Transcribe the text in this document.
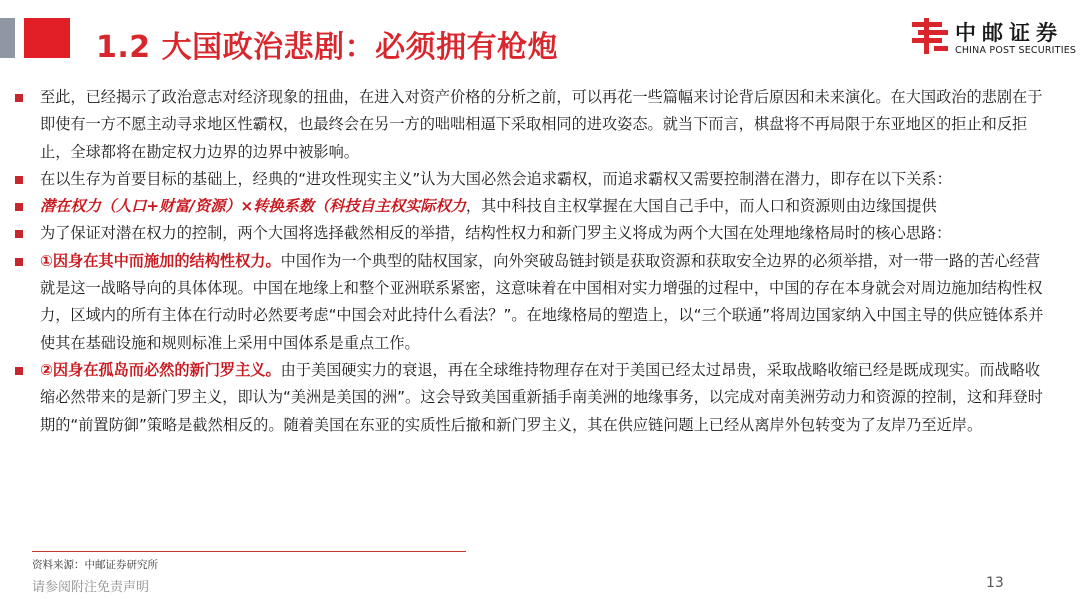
1.2 大国政治悲剧：必须拥有枪炮	中邮证券
CHINA POST SECURITIES
至此，已经揭示了政治意志对经济现象的扭曲，在进入对资产价格的分析之前，可以再花一些篇幅来讨论背后原因和未来演化。在大国政治的悲剧在于即使有一方不愿主动寻求地区性霸权，也最终会在另一方的咄咄相逼下采取相同的进攻姿态。就当下而言，棋盘将不再局限于东亚地区的拒止和反拒止，全球都将在勘定权力边界的边界中被影响。
在以生存为首要目标的基础上，经典的“进攻性现实主义”认为大国必然会追求霸权，而追求霸权又需要控制潜在潜力，即存在以下关系：
潜在权力（人口+财富/资源）×转换系数（科技自主权实际权力，其中科技自主权掌握在大国自己手中，而人口和资源则由边缘国提供
为了保证对潜在权力的控制，两个大国将选择截然相反的举措，结构性权力和新门罗主义将成为两个大国在处理地缘格局时的核心思路：
①因身在其中而施加的结构性权力。中国作为一个典型的陆权国家，向外突破岛链封锁是获取资源和获取安全边界的必须举措，对一带一路的苦心经营就是这一战略导向的具体体现。中国在地缘上和整个亚洲联系紧密，这意味着在中国相对实力增强的过程中，中国的存在本身就会对周边施加结构性权力，区域内的所有主体在行动时必然要考虑“中国会对此持什么看法？”。在地缘格局的塑造上，以“三个联通”将周边国家纳入中国主导的供应链体系并使其在基础设施和规则标准上采用中国体系是重点工作。
②因身在孤岛而必然的新门罗主义。由于美国硬实力的衰退，再在全球维持物理存在对于美国已经太过昂贵，采取战略收缩已经是既成现实。而战略收缩必然带来的是新门罗主义，即认为“美洲是美国的洲”。这会导致美国重新插手南美洲的地缘事务，以完成对南美洲劳动力和资源的控制，这和拜登时期的“前置防御”策略是截然相反的。随着美国在东亚的实质性后撤和新门罗主义，其在供应链问题上已经从离岸外包转变为了友岸乃至近岸。
资料来源：中邮证券研究所
请参阅附注免责声明	13
